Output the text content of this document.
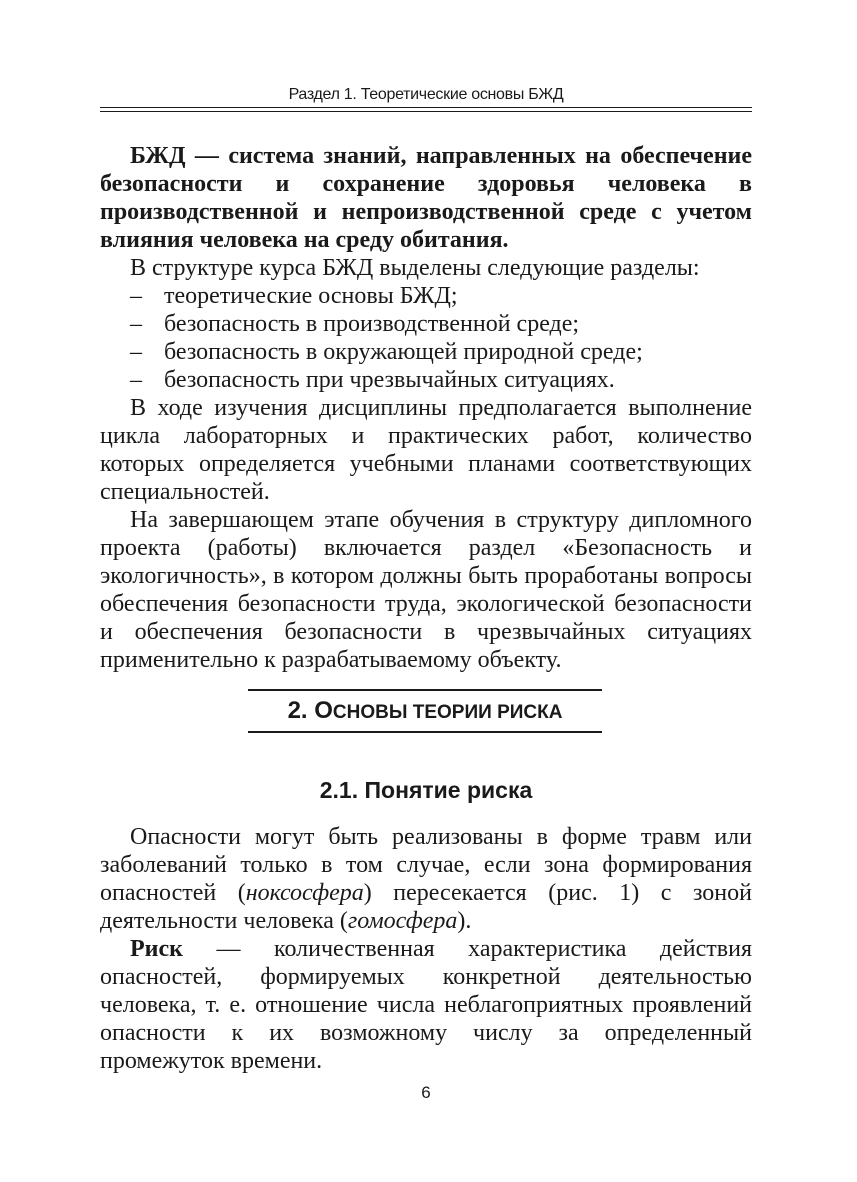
Раздел 1. Теоретические основы БЖД

БЖД — система знаний, направленных на обеспечение безопасности и сохранение здоровья человека в производственной и непроизводственной среде с учетом влияния человека на среду обитания.

В структуре курса БЖД выделены следующие разделы:

– теоретические основы БЖД;
– безопасность в производственной среде;
– безопасность в окружающей природной среде;
– безопасность при чрезвычайных ситуациях.

В ходе изучения дисциплины предполагается выполнение цикла лабораторных и практических работ, количество которых определяется учебными планами соответствующих специальностей.

На завершающем этапе обучения в структуру дипломного проекта (работы) включается раздел «Безопасность и экологичность», в котором должны быть проработаны вопросы обеспечения безопасности труда, экологической безопасности и обеспечения безопасности в чрезвычайных ситуациях применительно к разрабатываемому объекту.

2. ОСНОВЫ ТЕОРИИ РИСКА
2.1. Понятие риска

Опасности могут быть реализованы в форме травм или заболеваний только в том случае, если зона формирования опасностей (ноксосфера) пересекается (рис. 1) с зоной деятельности человека (гомосфера).

Риск — количественная характеристика действия опасностей, формируемых конкретной деятельностью человека, т. е. отношение числа неблагоприятных проявлений опасности к их возможному числу за определенный промежуток времени.

6
